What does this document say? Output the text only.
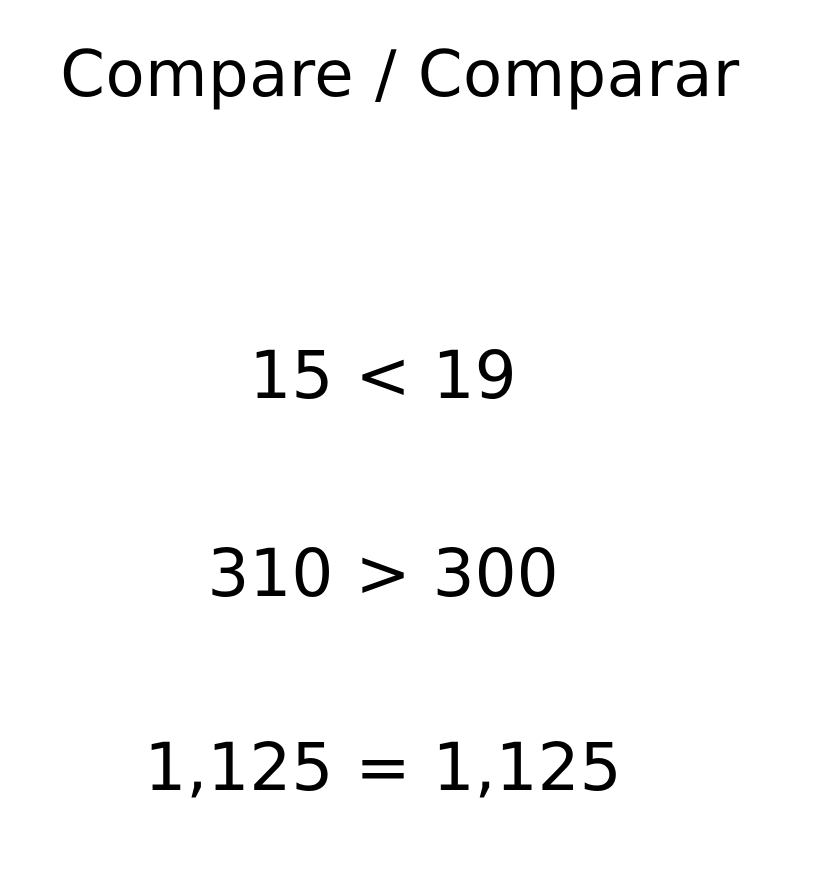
Compare / Comparar
15 < 19
310 > 300
1,125 = 1,125
